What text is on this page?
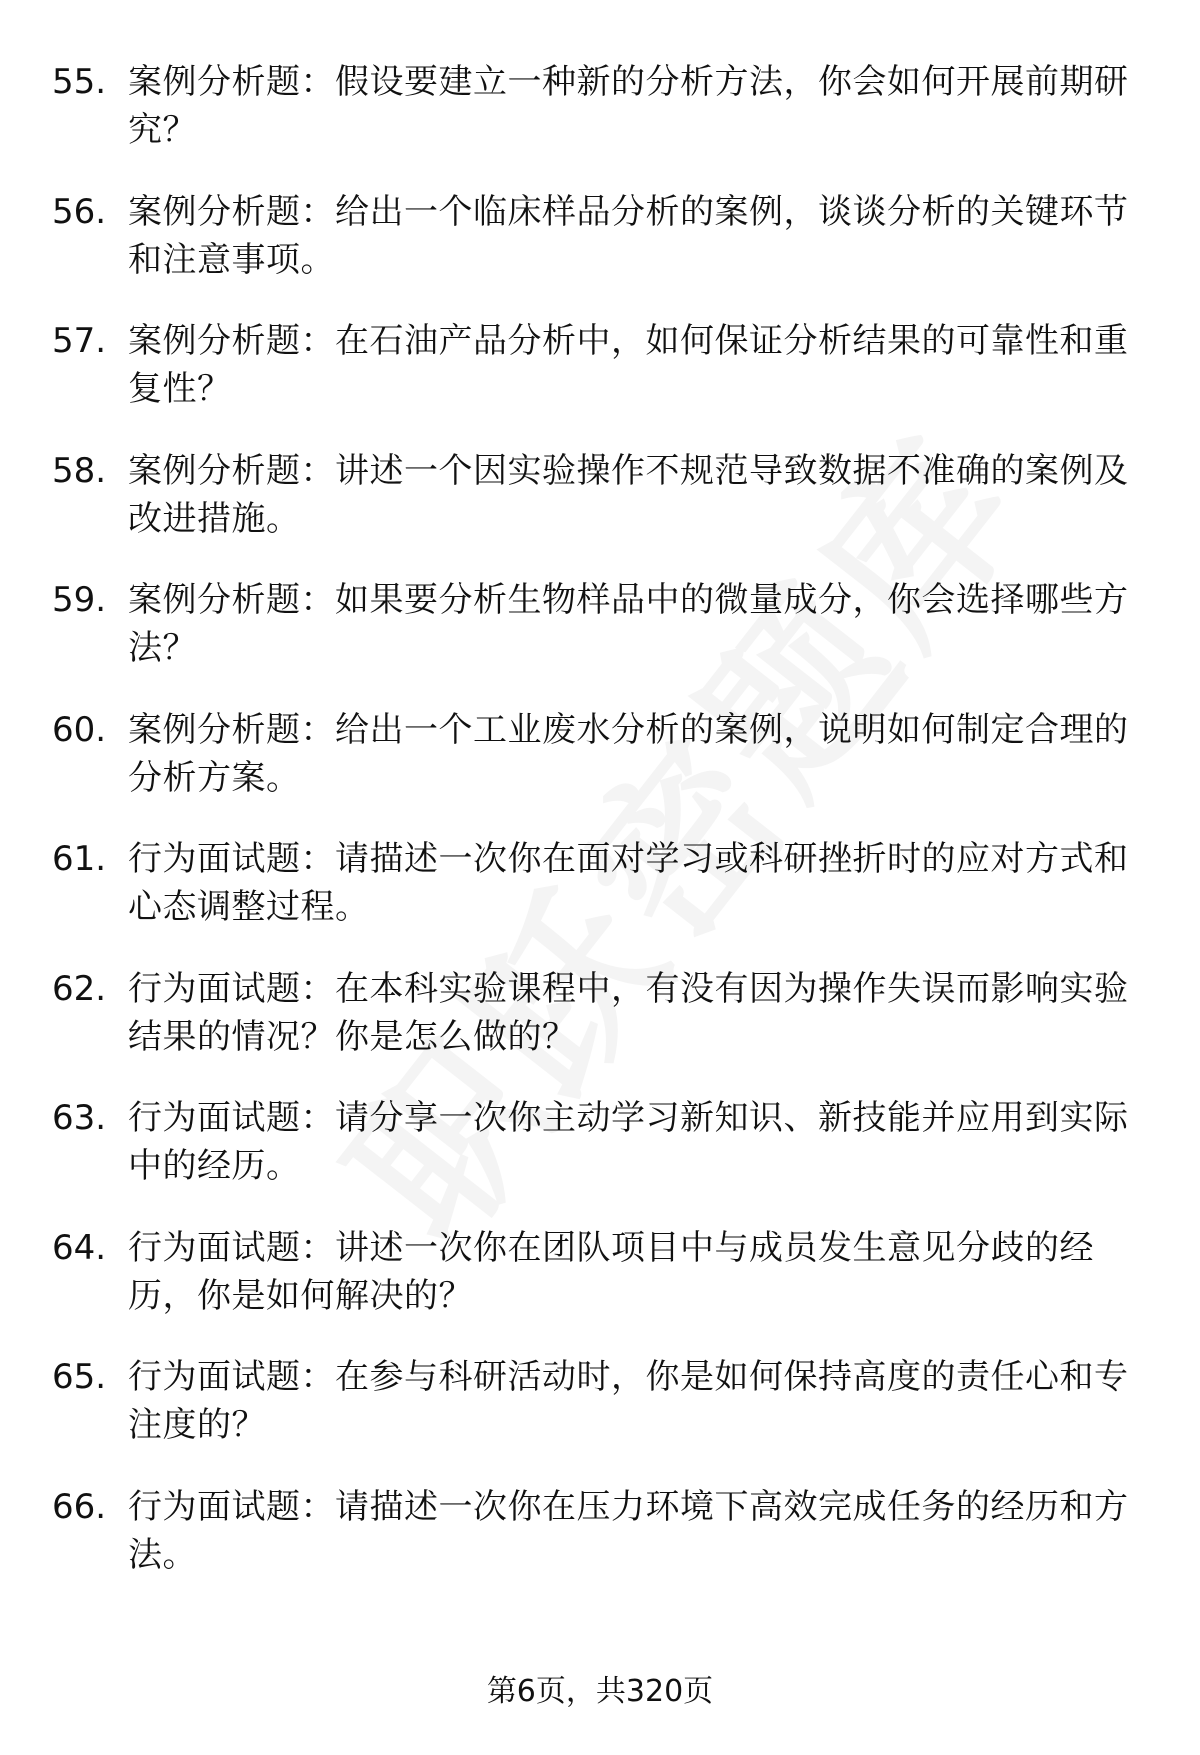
55. 案例分析题：假设要建立一种新的分析方法，你会如何开展前期研究？
56. 案例分析题：给出一个临床样品分析的案例，谈谈分析的关键环节和注意事项。
57. 案例分析题：在石油产品分析中，如何保证分析结果的可靠性和重复性？
58. 案例分析题：讲述一个因实验操作不规范导致数据不准确的案例及改进措施。
59. 案例分析题：如果要分析生物样品中的微量成分，你会选择哪些方法？
60. 案例分析题：给出一个工业废水分析的案例，说明如何制定合理的分析方案。
61. 行为面试题：请描述一次你在面对学习或科研挫折时的应对方式和心态调整过程。
62. 行为面试题：在本科实验课程中，有没有因为操作失误而影响实验结果的情况？你是怎么做的？
63. 行为面试题：请分享一次你主动学习新知识、新技能并应用到实际中的经历。
64. 行为面试题：讲述一次你在团队项目中与成员发生意见分歧的经历，你是如何解决的？
65. 行为面试题：在参与科研活动时，你是如何保持高度的责任心和专注度的？
66. 行为面试题：请描述一次你在压力环境下高效完成任务的经历和方法。
第6页，共320页
